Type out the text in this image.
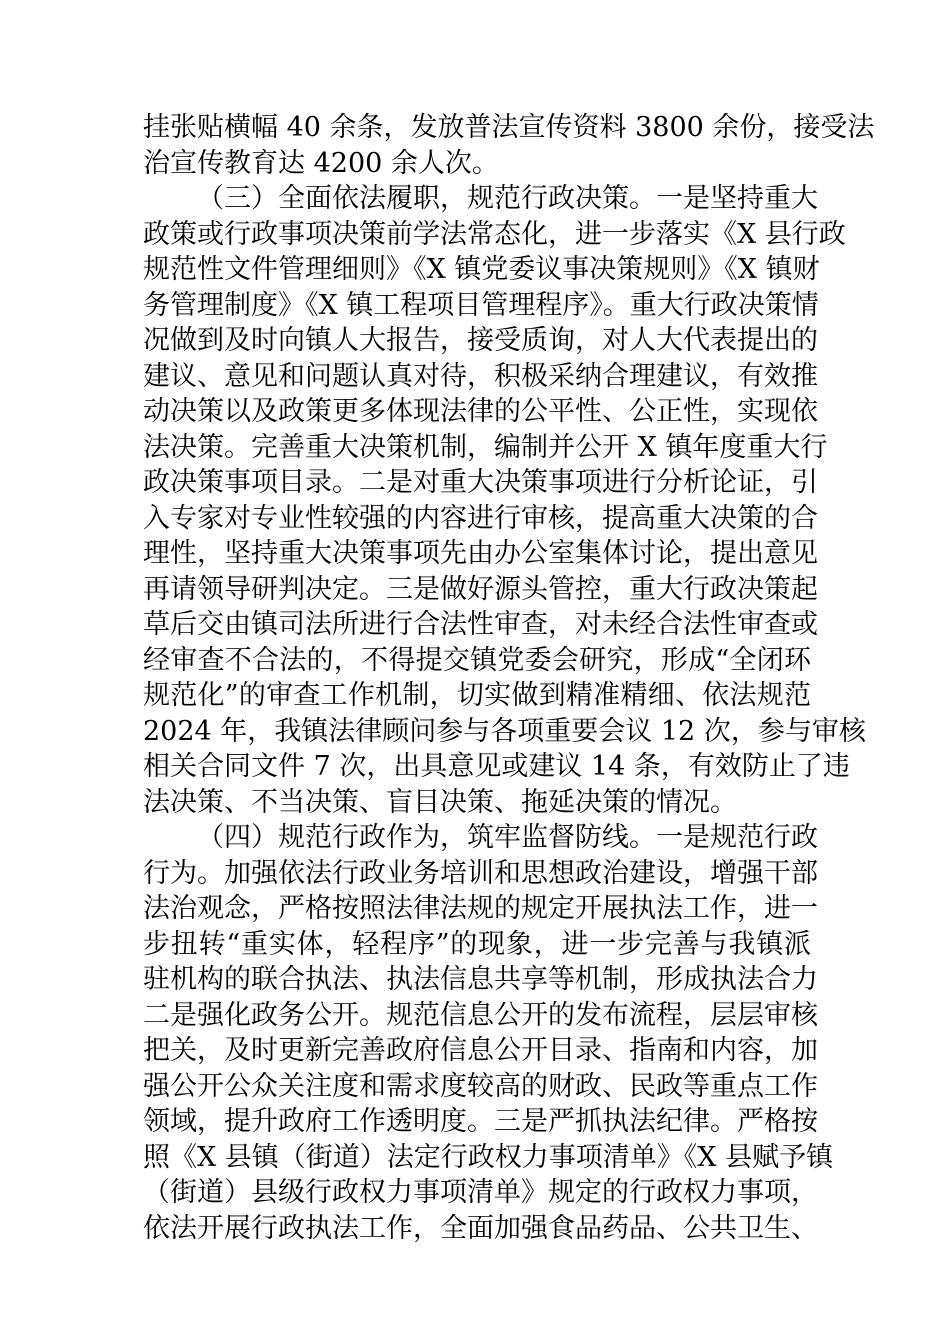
挂张贴横幅 40 余条，发放普法宣传资料 3800 余份，接受法
治宣传教育达 4200 余人次。
（三）全面依法履职，规范行政决策。一是坚持重大
政策或行政事项决策前学法常态化，进一步落实《X 县行政
规范性文件管理细则》《X 镇党委议事决策规则》《X 镇财
务管理制度》《X 镇工程项目管理程序》。重大行政决策情
况做到及时向镇人大报告，接受质询，对人大代表提出的
建议、意见和问题认真对待，积极采纳合理建议，有效推
动决策以及政策更多体现法律的公平性、公正性，实现依
法决策。完善重大决策机制，编制并公开 X 镇年度重大行
政决策事项目录。二是对重大决策事项进行分析论证，引
入专家对专业性较强的内容进行审核，提高重大决策的合
理性，坚持重大决策事项先由办公室集体讨论，提出意见
再请领导研判决定。三是做好源头管控，重大行政决策起
草后交由镇司法所进行合法性审查，对未经合法性审查或
经审查不合法的，不得提交镇党委会研究，形成“全闭环
规范化”的审查工作机制，切实做到精准精细、依法规范
2024 年，我镇法律顾问参与各项重要会议 12 次，参与审核
相关合同文件 7 次，出具意见或建议 14 条，有效防止了违
法决策、不当决策、盲目决策、拖延决策的情况。
（四）规范行政作为，筑牢监督防线。一是规范行政
行为。加强依法行政业务培训和思想政治建设，增强干部
法治观念，严格按照法律法规的规定开展执法工作，进一
步扭转“重实体，轻程序”的现象，进一步完善与我镇派
驻机构的联合执法、执法信息共享等机制，形成执法合力
二是强化政务公开。规范信息公开的发布流程，层层审核
把关，及时更新完善政府信息公开目录、指南和内容，加
强公开公众关注度和需求度较高的财政、民政等重点工作
领域，提升政府工作透明度。三是严抓执法纪律。严格按
照《X 县镇（街道）法定行政权力事项清单》《X 县赋予镇
（街道）县级行政权力事项清单》规定的行政权力事项，
依法开展行政执法工作，全面加强食品药品、公共卫生、
